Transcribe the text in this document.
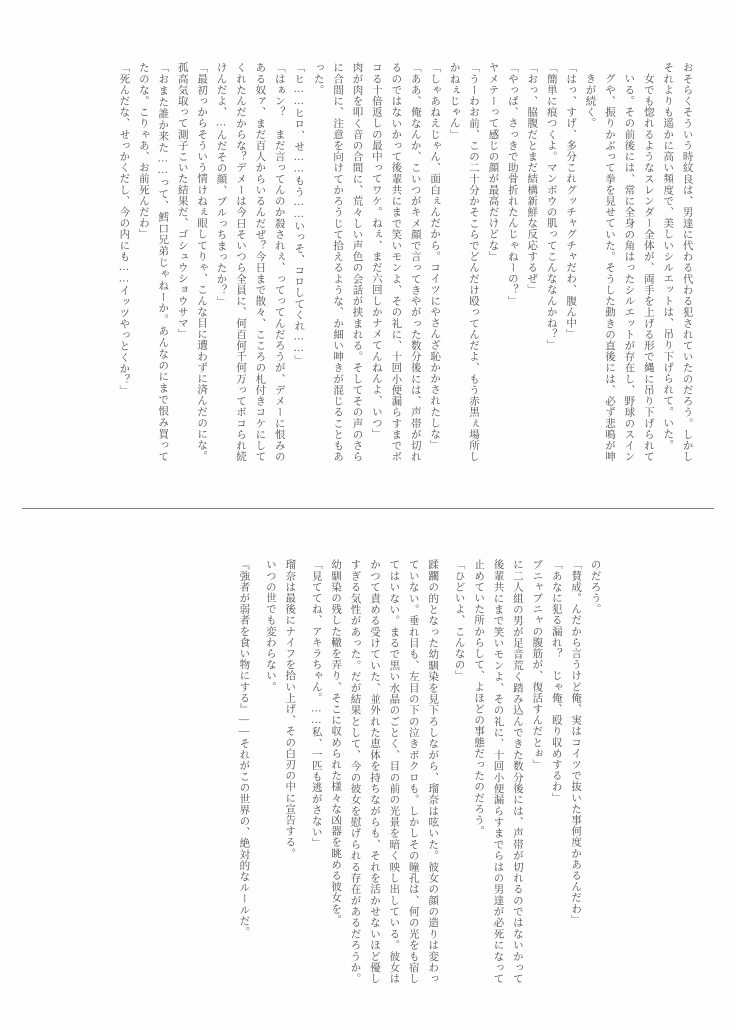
おそらくそういう時紋良は、男達に代わる代わる犯されていたのだろう。しかしそれよりも遥かに高い頻度で、美しいシルエットは、吊り下げられて。いた。

女でも惚れるようなスレンダー全体が、両手を上げる形で縄に吊り下げられている。その前後には、常に全身の角はったシルエットが存在し、野球のスイングや、振りかぶって拳を見せていた。そうした動きの直後には、必ず悲鳴が呻きが続く。

「はっ、すげ、多分これグッチャグチャだわ、腹ん中」

「簡単に痕つくよ。マンボウの肌ってこんななんかね？」

「おっ、脇腹だとまだ結構新鮮な反応するぜ」

「やっぱ、さっきで助骨折れたんじゃねーの？」

ヤメテーって感じの顔が最高だけどな」

「うーわお前、この二十分かそこらでどんだけ殴ってんだよ、もう赤黒ぇ場所しかねぇじゃん」

「しゃあねえじゃん、面白ぇんだから。コイツにやさんざ恥かかされたしな」

「ああ、俺なんか、こいつがキメ顔で言ってきやがった数分後には、声帯が切れるのではないかって後輩共にまで笑いモンよ、その礼に、十回小便漏らすまでボコる十倍返しの最中ってワケ。ねぇ、まだ六回しかナメてんねんよ、いつ」

肉が肉を叩く音の合間に、荒々しい声色の会話が挟まれる。そしてその声のさらに合間に、注意を向けてかろうじて拾えるような、か細い呻きが混じることもあった。

「ヒ……ヒロ、せ……もう……いっそ、コロしてくれ……」

「はぁン？　まだ言ってんのか殺されぇ、ってってんだろうが、デメーに恨みのある奴ァ、まだ百人からいるんだぜ？今日まで散々、こころの札付きコケにしてくれたんだからな？デメーは今日そいつら全員に、何百何千何万ってボコられ続けんだよ、…んだその顔、ブルっちまったか？」

「最初っからそういう情けねぇ眼してりゃ、こんな目に遭わずに済んだのにな。

孤高気取って測子こいた結果だ、ゴシュウショウサマ」

「おまた誰か来た……って、鱈口兄弟じゃねーか。あんなのにまで恨み買ってたのな。こりゃあ、お前死んだわ」

「死んだな、せっかくだし、今の内にも……イッツやっとくか？」

のだろう。

「賛成。んだから言うけど俺、実はコイツで抜いた事何度かあるんだわ」

「あなに犯る漏れ？　じゃ俺、殴り収めするわ」

ブニャブニャの腹筋が、復活すんだとぉ」

に二人組の男が足音荒く踏み込んできた数分後には、声帯が切れるのではないかって後輩共にまで笑いモンよ、その礼に、十回小便漏らすまでらはの男達が必死になって止めていた所からして、よほどの事態だったのだろう。

「ひどいよ、こんなの」

蹂躙の的となった幼馴染を見下ろしながら、瑠奈は呟いた。彼女の顔の造りは変わっていない。垂れ目も、左目の下の泣きボクロも。しかしその瞳孔は、何の光をも宿してはいない。まるで黒い水晶のごとく、目の前の光景を暗く映し出している。彼女はかつて責める受けていた、並外れた恵体を持ちながらも、それを活かせないほど優しすぎる気性があった。だが結果として、今の彼女を慰げられる存在があるだろうか。幼馴染の残した轍を弄り、そこに収められた様々な凶器を眺める彼女を。

「見ててね、アキラちゃん。……私、一匹も逃がさない」

瑠奈は最後にナイフを拾い上げ、その白刃の中に宣告する。

いつの世でも変わらない。

『強者が弱者を食い物にする』——それがこの世界の、絶対的なルールだ。
